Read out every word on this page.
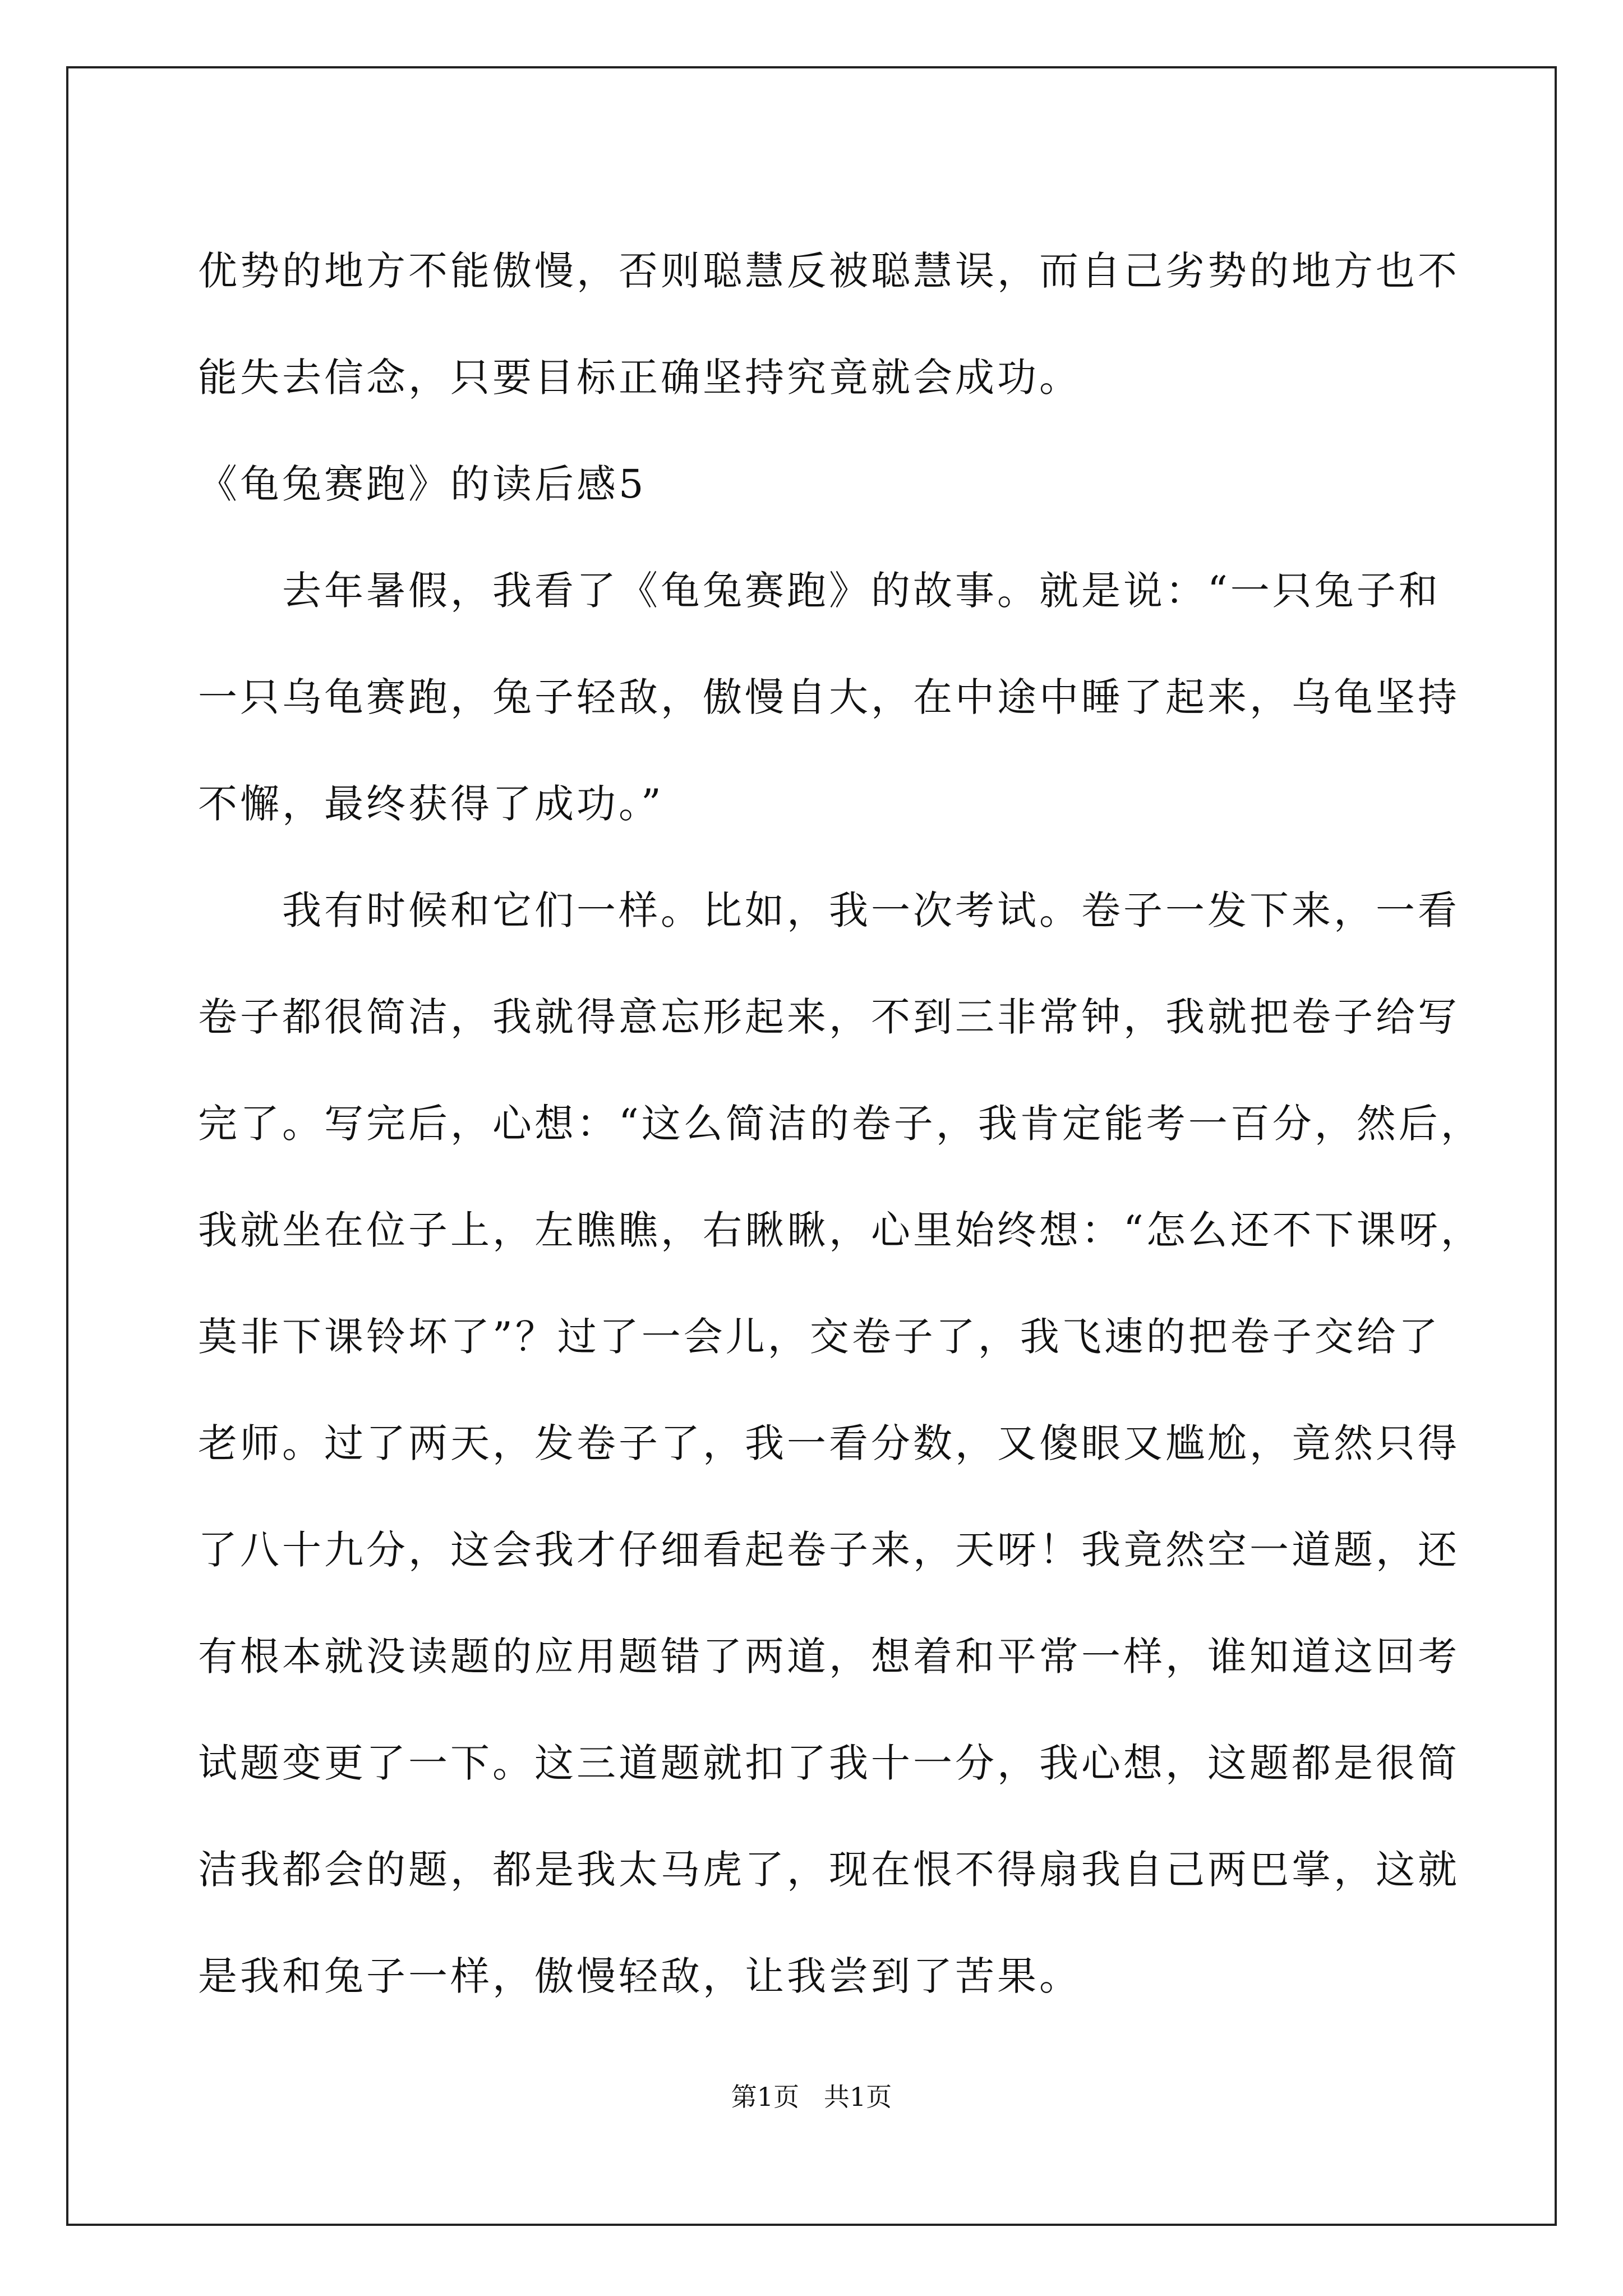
优势的地方不能傲慢，否则聪慧反被聪慧误，而自己劣势的地方也不
能失去信念，只要目标正确坚持究竟就会成功。
《龟兔赛跑》的读后感5
去年暑假，我看了《龟兔赛跑》的故事。就是说：“一只兔子和
一只乌龟赛跑，兔子轻敌，傲慢自大，在中途中睡了起来，乌龟坚持
不懈，最终获得了成功。”
我有时候和它们一样。比如，我一次考试。卷子一发下来，一看
卷子都很简洁，我就得意忘形起来，不到三非常钟，我就把卷子给写
完了。写完后，心想：“这么简洁的卷子，我肯定能考一百分，然后，
我就坐在位子上，左瞧瞧，右瞅瞅，心里始终想：“怎么还不下课呀，
莫非下课铃坏了”？过了一会儿，交卷子了，我飞速的把卷子交给了
老师。过了两天，发卷子了，我一看分数，又傻眼又尴尬，竟然只得
了八十九分，这会我才仔细看起卷子来，天呀！我竟然空一道题，还
有根本就没读题的应用题错了两道，想着和平常一样，谁知道这回考
试题变更了一下。这三道题就扣了我十一分，我心想，这题都是很简
洁我都会的题，都是我太马虎了，现在恨不得扇我自己两巴掌，这就
是我和兔子一样，傲慢轻敌，让我尝到了苦果。
第1页   共1页
